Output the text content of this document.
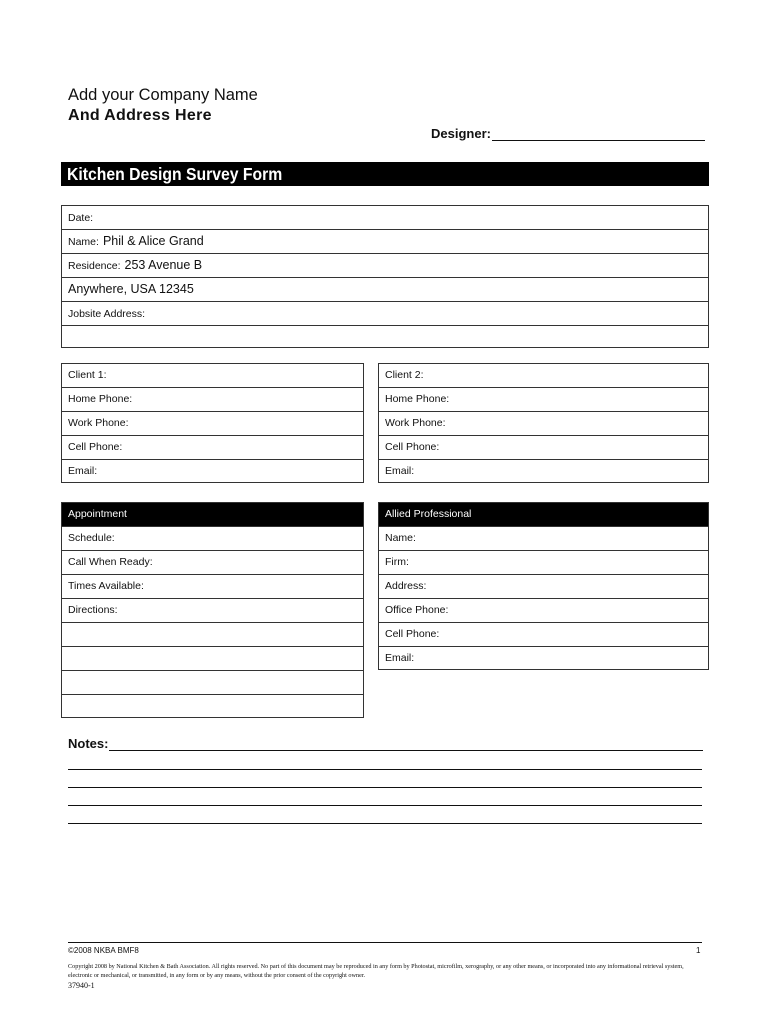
Add your Company Name
And Address Here
Designer:
Kitchen Design Survey Form
Date:
Name: Phil & Alice Grand
Residence: 253 Avenue B
Anywhere, USA 12345
Jobsite Address:
Client 1:
Home Phone:
Work Phone:
Cell Phone:
Email:
Client 2:
Home Phone:
Work Phone:
Cell Phone:
Email:
Appointment
Schedule:
Call When Ready:
Times Available:
Directions:
Allied Professional
Name:
Firm:
Address:
Office Phone:
Cell Phone:
Email:
Notes:
©2008 NKBA BMF8	1
Copyright 2008 by National Kitchen & Bath Association. All rights reserved. No part of this document may be reproduced in any form by Photostat, microfilm, xerography, or any other means, or incorporated into any informational retrieval system, electronic or mechanical, or transmitted, in any form or by any means, without the prior consent of the copyright owner.
37940-1
